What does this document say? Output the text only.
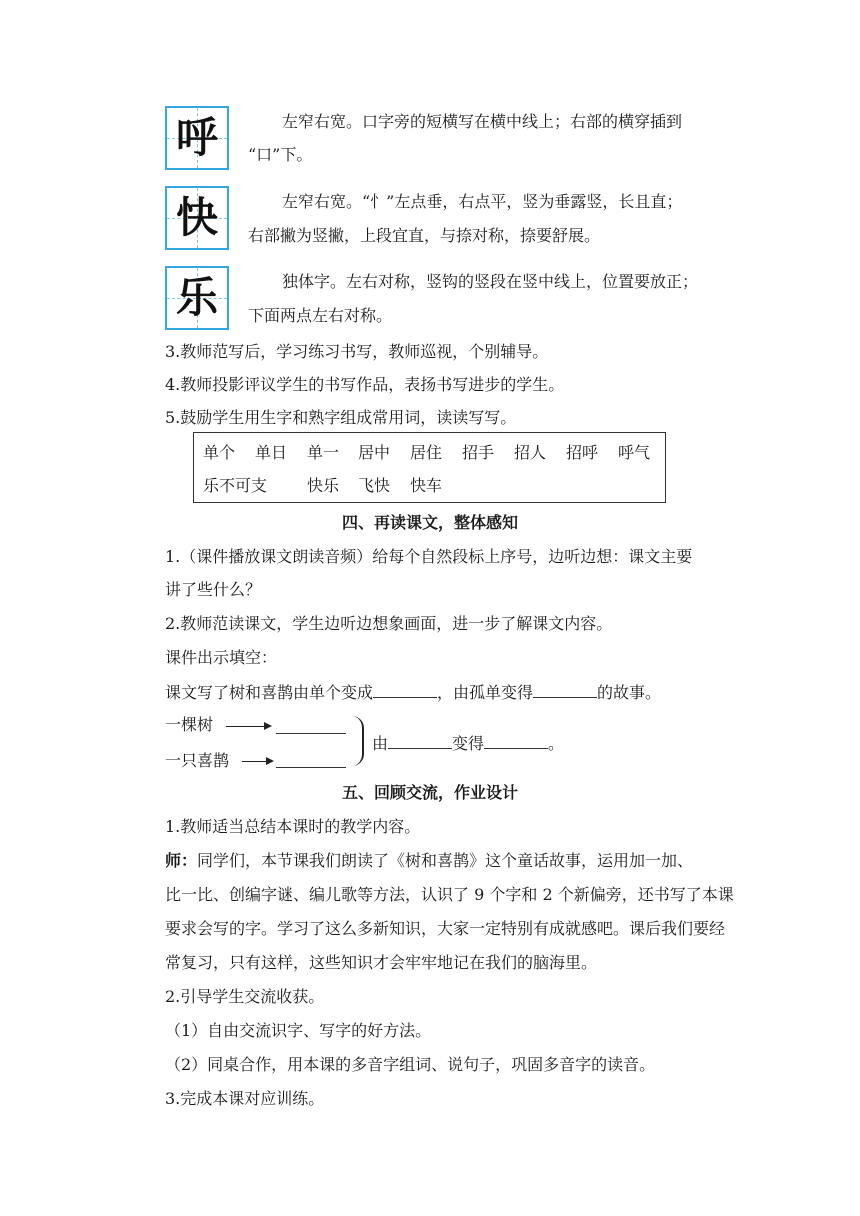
呼	左窄右宽。口字旁的短横写在横中线上；右部的横穿插到
“口”下。
快	左窄右宽。“忄”左点垂，右点平，竖为垂露竖，长且直；
右部撇为竖撇，上段宜直，与捺对称，捺要舒展。
乐	独体字。左右对称，竖钩的竖段在竖中线上，位置要放正；
下面两点左右对称。
3.教师范写后，学习练习书写，教师巡视，个别辅导。
4.教师投影评议学生的书写作品，表扬书写进步的学生。
5.鼓励学生用生字和熟字组成常用词，读读写写。
单个 单日 单一 居中 居住 招手 招人 招呼 呼气
乐不可支 快乐 飞快 快车
四、再读课文，整体感知
1.（课件播放课文朗读音频）给每个自然段标上序号，边听边想：课文主要
讲了些什么？
2.教师范读课文，学生边听边想象画面，进一步了解课文内容。
课件出示填空：
课文写了树和喜鹊由单个变成	，由孤单变得	的故事。
一棵树
一只喜鹊
由	变得	。
五、回顾交流，作业设计
1.教师适当总结本课时的教学内容。
师：同学们，本节课我们朗读了《树和喜鹊》这个童话故事，运用加一加、
比一比、创编字谜、编儿歌等方法，认识了 9 个字和 2 个新偏旁，还书写了本课
要求会写的字。学习了这么多新知识，大家一定特别有成就感吧。课后我们要经
常复习，只有这样，这些知识才会牢牢地记在我们的脑海里。
2.引导学生交流收获。
（1）自由交流识字、写字的好方法。
（2）同桌合作，用本课的多音字组词、说句子，巩固多音字的读音。
3.完成本课对应训练。
